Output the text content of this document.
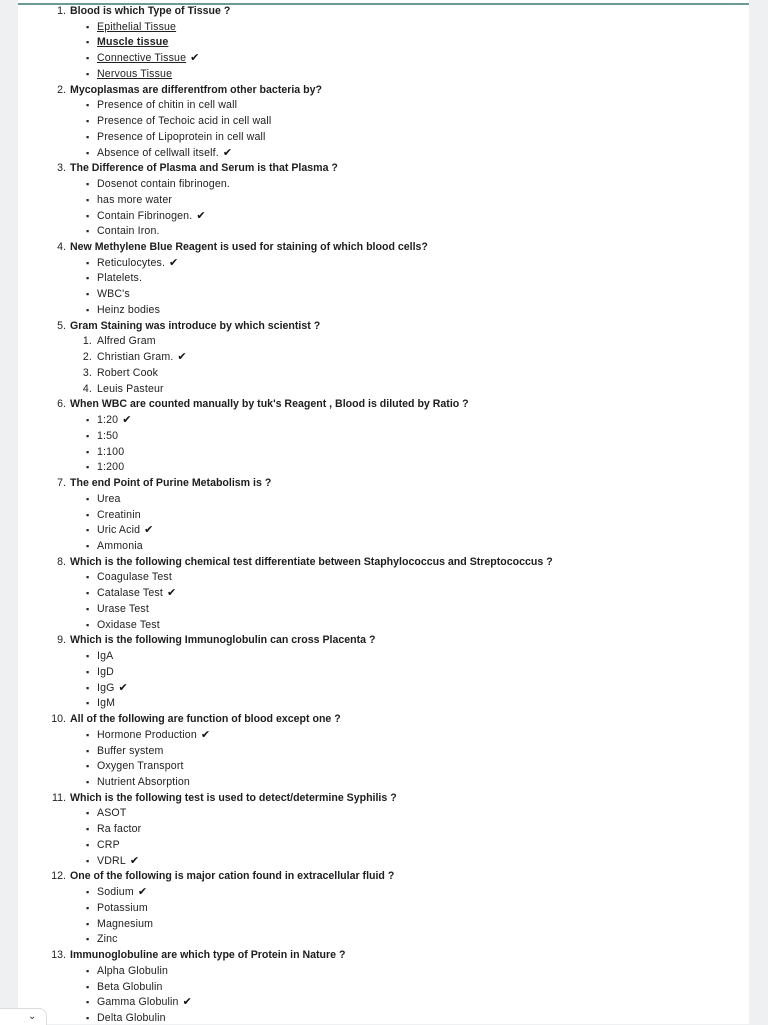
1. Blood is which Type of Tissue ?
▪ Epithelial Tissue
▪ Muscle tissue
▪ Connective Tissue ✔
▪ Nervous Tissue
2. Mycoplasmas are differentfrom other bacteria by?
▪ Presence of chitin in cell wall
▪ Presence of Techoic acid in cell wall
▪ Presence of Lipoprotein in cell wall
▪ Absence of cellwall itself. ✔
3. The Difference of Plasma and Serum is that Plasma ?
▪ Dosenot contain fibrinogen.
▪ has more water
▪ Contain Fibrinogen. ✔
▪ Contain Iron.
4. New Methylene Blue Reagent is used for staining of which blood cells?
▪ Reticulocytes. ✔
▪ Platelets.
▪ WBC's
▪ Heinz bodies
5. Gram Staining was introduce by which scientist ?
1. Alfred Gram
2. Christian Gram. ✔
3. Robert Cook
4. Leuis Pasteur
6. When WBC are counted manually by tuk's Reagent , Blood is diluted by Ratio ?
▪ 1:20 ✔
▪ 1:50
▪ 1:100
▪ 1:200
7. The end Point of Purine Metabolism is ?
▪ Urea
▪ Creatinin
▪ Uric Acid ✔
▪ Ammonia
8. Which is the following chemical test differentiate between Staphylococcus and Streptococcus ?
▪ Coagulase Test
▪ Catalase Test ✔
▪ Urase Test
▪ Oxidase Test
9. Which is the following Immunoglobulin can cross Placenta ?
▪ IgA
▪ IgD
▪ IgG ✔
▪ IgM
10. All of the following are function of blood except one ?
▪ Hormone Production ✔
▪ Buffer system
▪ Oxygen Transport
▪ Nutrient Absorption
11. Which is the following test is used to detect/determine Syphilis ?
▪ ASOT
▪ Ra factor
▪ CRP
▪ VDRL ✔
12. One of the following is major cation found in extracellular fluid ?
▪ Sodium ✔
▪ Potassium
▪ Magnesium
▪ Zinc
13. Immunoglobuline are which type of Protein in Nature ?
▪ Alpha Globulin
▪ Beta Globulin
▪ Gamma Globulin ✔
▪ Delta Globulin
⌄
